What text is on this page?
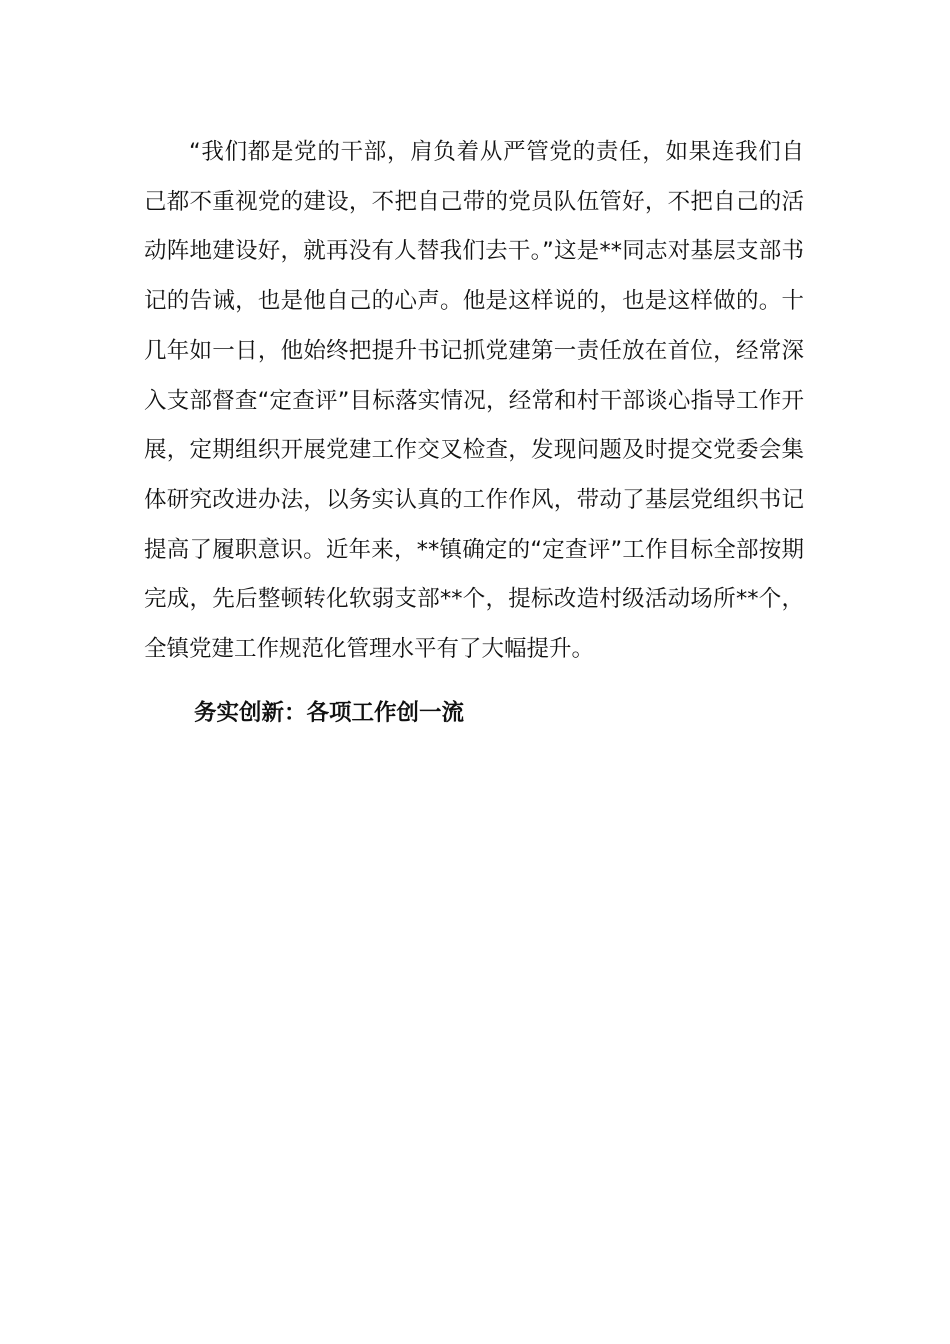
“我们都是党的干部，肩负着从严管党的责任，如果连我们自己都不重视党的建设，不把自己带的党员队伍管好，不把自己的活动阵地建设好，就再没有人替我们去干。”这是**同志对基层支部书记的告诫，也是他自己的心声。他是这样说的，也是这样做的。十几年如一日，他始终把提升书记抓党建第一责任放在首位，经常深入支部督查“定查评”目标落实情况，经常和村干部谈心指导工作开展，定期组织开展党建工作交叉检查，发现问题及时提交党委会集体研究改进办法，以务实认真的工作作风，带动了基层党组织书记提高了履职意识。近年来，**镇确定的“定查评”工作目标全部按期完成，先后整顿转化软弱支部**个，提标改造村级活动场所**个，全镇党建工作规范化管理水平有了大幅提升。

务实创新：各项工作创一流
